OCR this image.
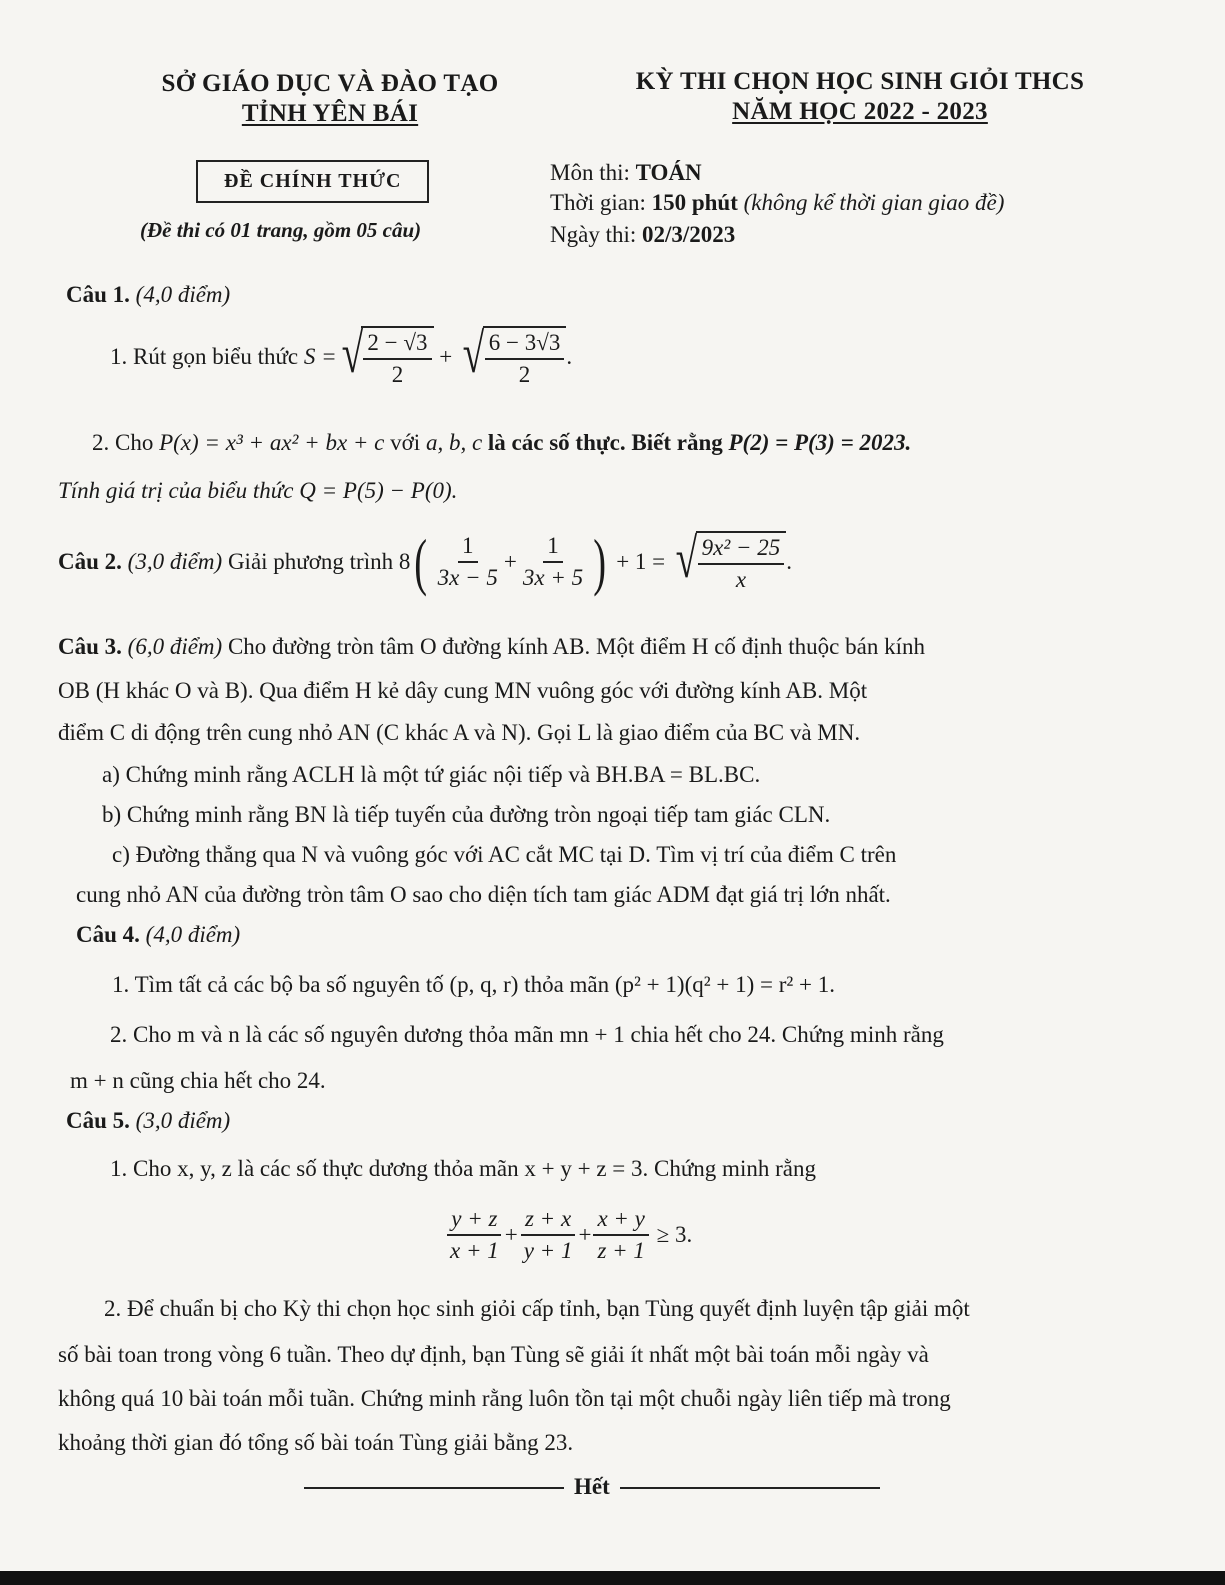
SỞ GIÁO DỤC VÀ ĐÀO TẠO
TỈNH YÊN BÁI
KỲ THI CHỌN HỌC SINH GIỎI THCS
NĂM HỌC 2022 - 2023
ĐỀ CHÍNH THỨC
(Đề thi có 01 trang, gồm 05 câu)
Môn thi: TOÁN
Thời gian: 150 phút (không kể thời gian giao đề)
Ngày thi: 02/3/2023
Câu 1. (4,0 điểm)
1. Rút gọn biểu thức
S = √ $\frac{2 - √3}{2}$ + √ $\frac{6 - 3√3}{2}$ .
2. Cho P(x) = x³ + ax² + bx + c với a, b, c là các số thực. Biết rằng P(2) = P(3) = 2023.
Tính giá trị của biểu thức Q = P(5) − P(0).
Câu 2.
(3,0 điểm)
Giải phương trình 8 ( $\frac{1}{3x - 5} + \frac{1}{3x + 5}$ ) + 1 = √ $\frac{\text{9x² − 25}}{x}$ .
Câu 3. (6,0 điểm) Cho đường tròn tâm O đường kính AB. Một điểm H cố định thuộc bán kính
OB (H khác O và B). Qua điểm H kẻ dây cung MN vuông góc với đường kính AB. Một
điểm C di động trên cung nhỏ AN (C khác A và N). Gọi L là giao điểm của BC và MN.
a) Chứng minh rằng ACLH là một tứ giác nội tiếp và BH.BA = BL.BC.
b) Chứng minh rằng BN là tiếp tuyến của đường tròn ngoại tiếp tam giác CLN.
c) Đường thẳng qua N và vuông góc với AC cắt MC tại D. Tìm vị trí của điểm C trên
cung nhỏ AN của đường tròn tâm O sao cho diện tích tam giác ADM đạt giá trị lớn nhất.
Câu 4. (4,0 điểm)
1. Tìm tất cả các bộ ba số nguyên tố (p, q, r) thỏa mãn (p² + 1)(q² + 1) = r² + 1.
2. Cho m và n là các số nguyên dương thỏa mãn mn + 1 chia hết cho 24. Chứng minh rằng
m + n cũng chia hết cho 24.
Câu 5. (3,0 điểm)
1. Cho x, y, z là các số thực dương thỏa mãn x + y + z = 3. Chứng minh rằng
$\frac{y + z}{x + 1} + \frac{z + x}{y + 1} + \frac{x + y}{z + 1}$
≥ 3.
2. Để chuẩn bị cho Kỳ thi chọn học sinh giỏi cấp tỉnh, bạn Tùng quyết định luyện tập giải một
số bài toan trong vòng 6 tuần. Theo dự định, bạn Tùng sẽ giải ít nhất một bài toán mỗi ngày và
không quá 10 bài toán mỗi tuần. Chứng minh rằng luôn tồn tại một chuỗi ngày liên tiếp mà trong
khoảng thời gian đó tổng số bài toán Tùng giải bằng 23.
Hết
